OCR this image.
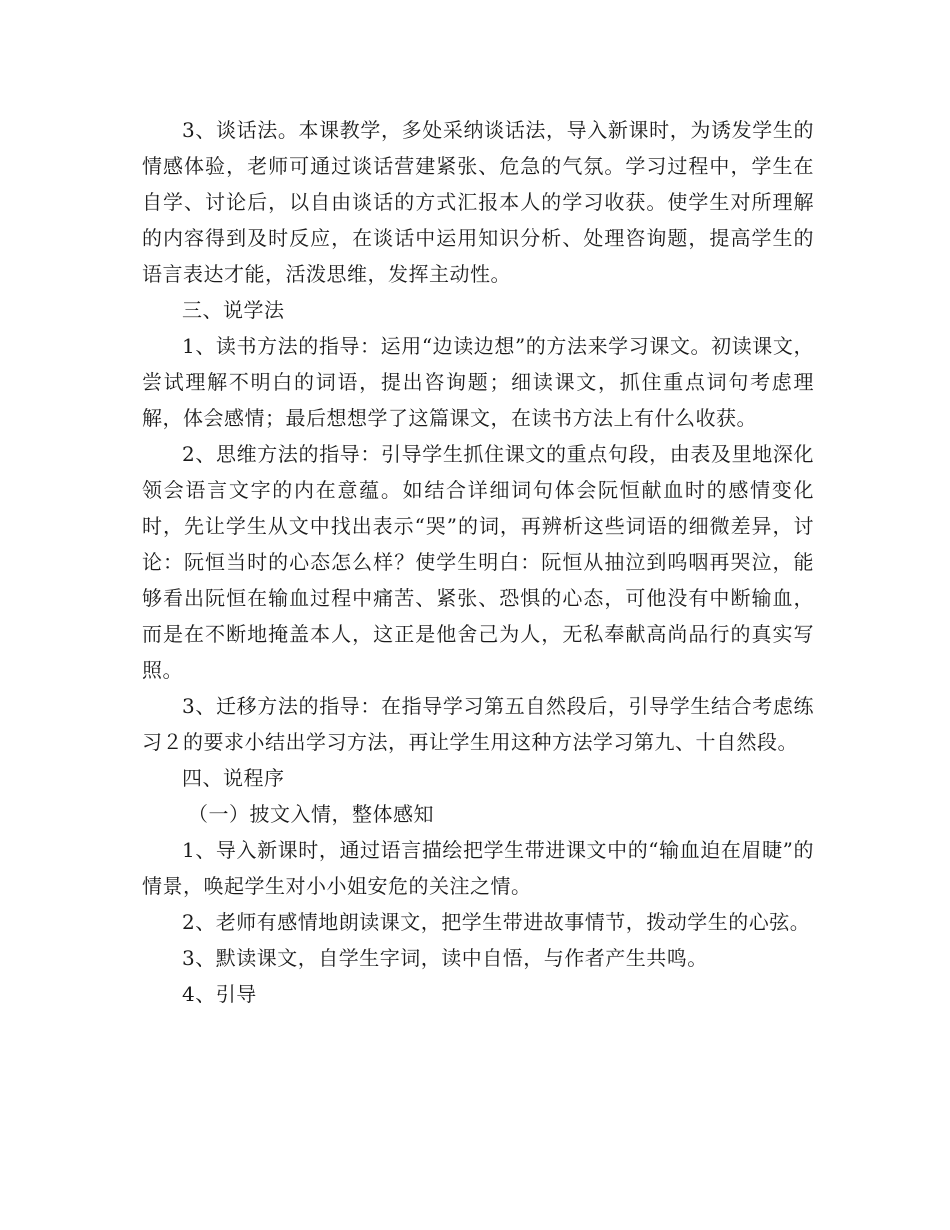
3、谈话法。本课教学，多处采纳谈话法，导入新课时，为诱发学生的情感体验，老师可通过谈话营建紧张、危急的气氛。学习过程中，学生在自学、讨论后，以自由谈话的方式汇报本人的学习收获。使学生对所理解的内容得到及时反应，在谈话中运用知识分析、处理咨询题，提高学生的语言表达才能，活泼思维，发挥主动性。

三、说学法

1、读书方法的指导：运用“边读边想”的方法来学习课文。初读课文，尝试理解不明白的词语，提出咨询题；细读课文，抓住重点词句考虑理解，体会感情；最后想想学了这篇课文，在读书方法上有什么收获。

2、思维方法的指导：引导学生抓住课文的重点句段，由表及里地深化领会语言文字的内在意蕴。如结合详细词句体会阮恒献血时的感情变化时，先让学生从文中找出表示“哭”的词，再辨析这些词语的细微差异，讨论：阮恒当时的心态怎么样？使学生明白：阮恒从抽泣到呜咽再哭泣，能够看出阮恒在输血过程中痛苦、紧张、恐惧的心态，可他没有中断输血，而是在不断地掩盖本人，这正是他舍己为人，无私奉献高尚品行的真实写照。

3、迁移方法的指导：在指导学习第五自然段后，引导学生结合考虑练习２的要求小结出学习方法，再让学生用这种方法学习第九、十自然段。

四、说程序

（一）披文入情，整体感知

1、导入新课时，通过语言描绘把学生带进课文中的“输血迫在眉睫”的情景，唤起学生对小小姐安危的关注之情。

2、老师有感情地朗读课文，把学生带进故事情节，拨动学生的心弦。

3、默读课文，自学生字词，读中自悟，与作者产生共鸣。

4、引导
